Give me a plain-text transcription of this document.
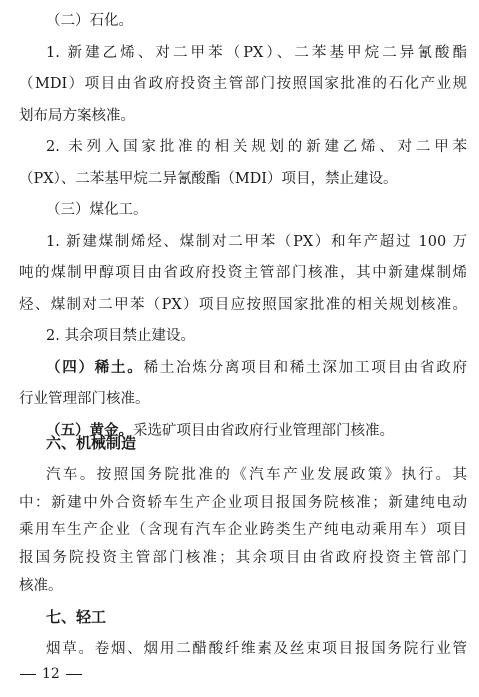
（二）石化。
1. 新建乙烯、对二甲苯（PX）、二苯基甲烷二异氰酸酯
（MDI）项目由省政府投资主管部门按照国家批准的石化产业规
划布局方案核准。
2. 未列入国家批准的相关规划的新建乙烯、对二甲苯
（PX）、二苯基甲烷二异氰酸酯（MDI）项目，禁止建设。
（三）煤化工。
1. 新建煤制烯烃、煤制对二甲苯（PX）和年产超过 100 万
吨的煤制甲醇项目由省政府投资主管部门核准，其中新建煤制烯
烃、煤制对二甲苯（PX）项目应按照国家批准的相关规划核准。
2. 其余项目禁止建设。
（四）稀土。稀土冶炼分离项目和稀土深加工项目由省政府
行业管理部门核准。
（五）黄金。采选矿项目由省政府行业管理部门核准。
六、机械制造
汽车。按照国务院批准的《汽车产业发展政策》执行。其
中：新建中外合资轿车生产企业项目报国务院核准；新建纯电动
乘用车生产企业（含现有汽车企业跨类生产纯电动乘用车）项目
报国务院投资主管部门核准；其余项目由省政府投资主管部门
核准。
七、轻工
烟草。卷烟、烟用二醋酸纤维素及丝束项目报国务院行业管
12
